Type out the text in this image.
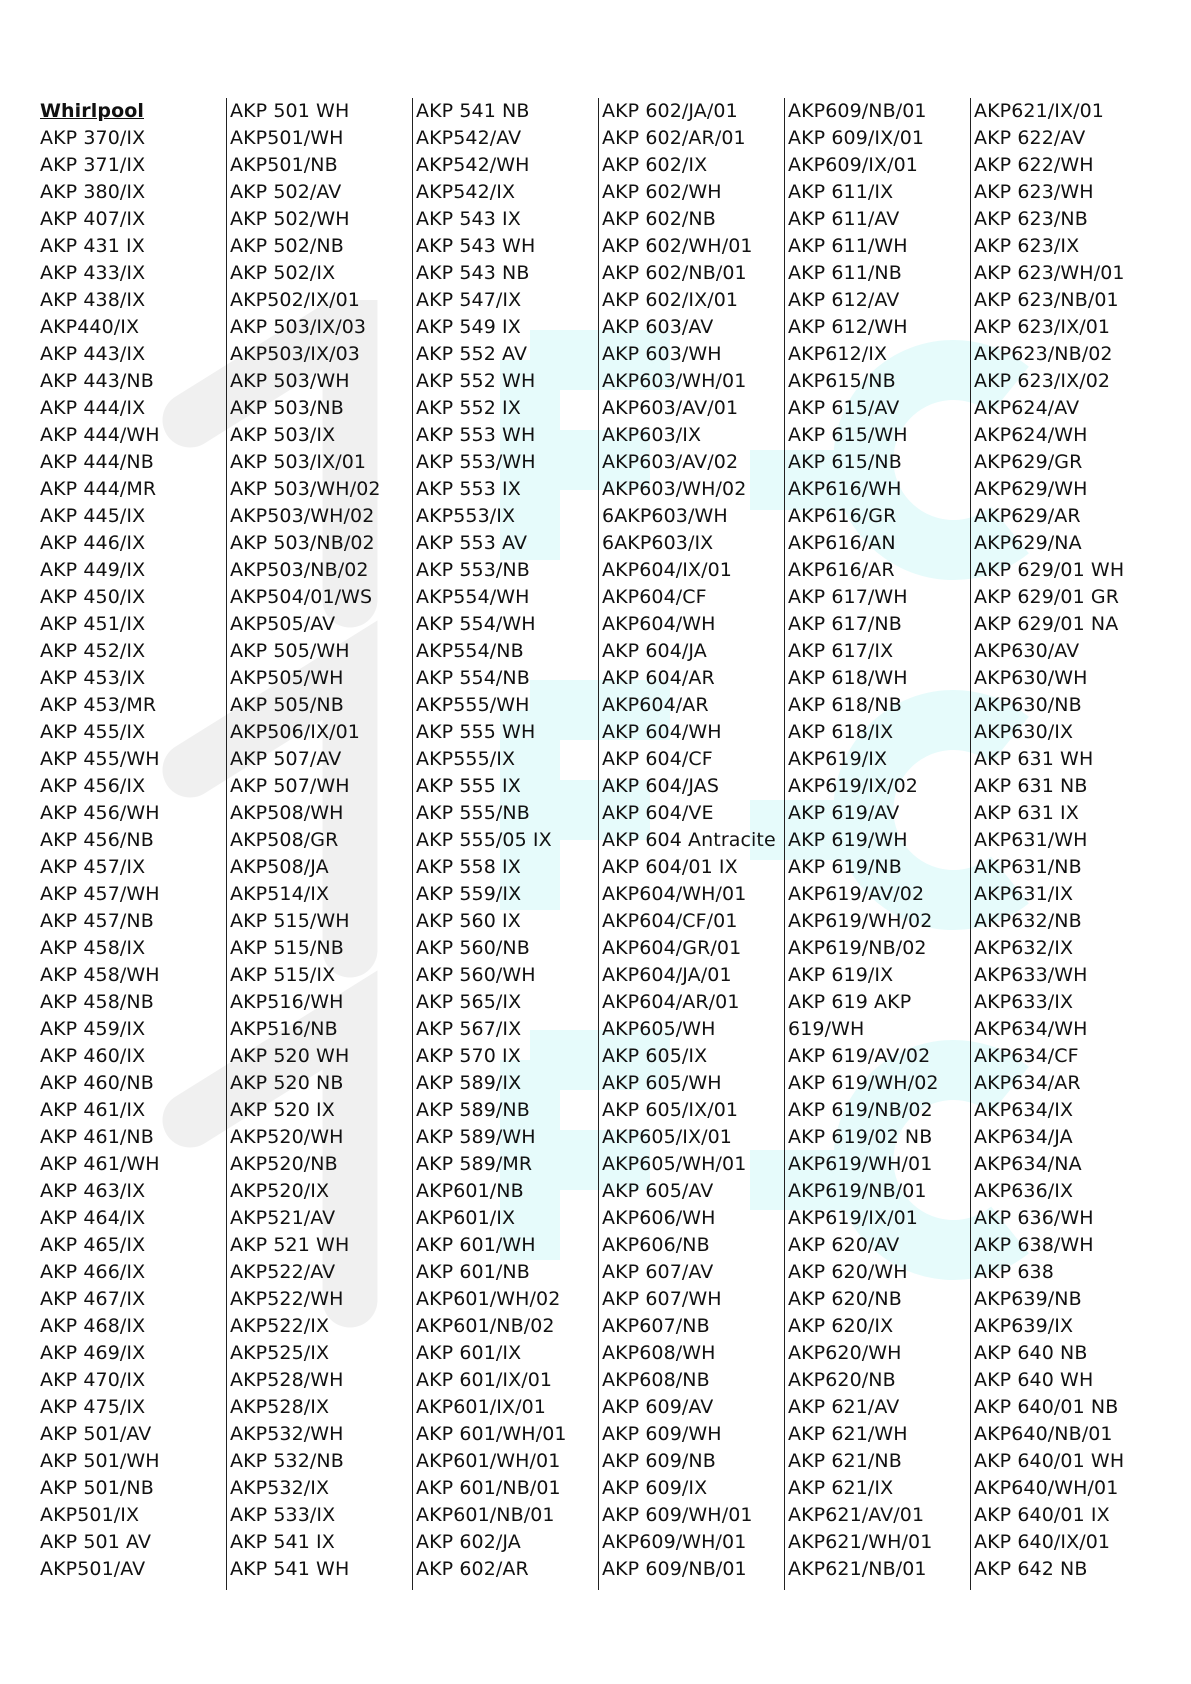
Whirlpool
AKP 370/IX
AKP 371/IX
AKP 380/IX
AKP 407/IX
AKP 431 IX
AKP 433/IX
AKP 438/IX
AKP440/IX
AKP 443/IX
AKP 443/NB
AKP 444/IX
AKP 444/WH
AKP 444/NB
AKP 444/MR
AKP 445/IX
AKP 446/IX
AKP 449/IX
AKP 450/IX
AKP 451/IX
AKP 452/IX
AKP 453/IX
AKP 453/MR
AKP 455/IX
AKP 455/WH
AKP 456/IX
AKP 456/WH
AKP 456/NB
AKP 457/IX
AKP 457/WH
AKP 457/NB
AKP 458/IX
AKP 458/WH
AKP 458/NB
AKP 459/IX
AKP 460/IX
AKP 460/NB
AKP 461/IX
AKP 461/NB
AKP 461/WH
AKP 463/IX
AKP 464/IX
AKP 465/IX
AKP 466/IX
AKP 467/IX
AKP 468/IX
AKP 469/IX
AKP 470/IX
AKP 475/IX
AKP 501/AV
AKP 501/WH
AKP 501/NB
AKP501/IX
AKP 501 AV
AKP501/AV
AKP 501 WH
AKP501/WH
AKP501/NB
AKP 502/AV
AKP 502/WH
AKP 502/NB
AKP 502/IX
AKP502/IX/01
AKP 503/IX/03
AKP503/IX/03
AKP 503/WH
AKP 503/NB
AKP 503/IX
AKP 503/IX/01
AKP 503/WH/02
AKP503/WH/02
AKP 503/NB/02
AKP503/NB/02
AKP504/01/WS
AKP505/AV
AKP 505/WH
AKP505/WH
AKP 505/NB
AKP506/IX/01
AKP 507/AV
AKP 507/WH
AKP508/WH
AKP508/GR
AKP508/JA
AKP514/IX
AKP 515/WH
AKP 515/NB
AKP 515/IX
AKP516/WH
AKP516/NB
AKP 520 WH
AKP 520 NB
AKP 520 IX
AKP520/WH
AKP520/NB
AKP520/IX
AKP521/AV
AKP 521 WH
AKP522/AV
AKP522/WH
AKP522/IX
AKP525/IX
AKP528/WH
AKP528/IX
AKP532/WH
AKP 532/NB
AKP532/IX
AKP 533/IX
AKP 541 IX
AKP 541 WH
AKP 541 NB
AKP542/AV
AKP542/WH
AKP542/IX
AKP 543 IX
AKP 543 WH
AKP 543 NB
AKP 547/IX
AKP 549 IX
AKP 552 AV
AKP 552 WH
AKP 552 IX
AKP 553 WH
AKP 553/WH
AKP 553 IX
AKP553/IX
AKP 553 AV
AKP 553/NB
AKP554/WH
AKP 554/WH
AKP554/NB
AKP 554/NB
AKP555/WH
AKP 555 WH
AKP555/IX
AKP 555 IX
AKP 555/NB
AKP 555/05 IX
AKP 558 IX
AKP 559/IX
AKP 560 IX
AKP 560/NB
AKP 560/WH
AKP 565/IX
AKP 567/IX
AKP 570 IX
AKP 589/IX
AKP 589/NB
AKP 589/WH
AKP 589/MR
AKP601/NB
AKP601/IX
AKP 601/WH
AKP 601/NB
AKP601/WH/02
AKP601/NB/02
AKP 601/IX
AKP 601/IX/01
AKP601/IX/01
AKP 601/WH/01
AKP601/WH/01
AKP 601/NB/01
AKP601/NB/01
AKP 602/JA
AKP 602/AR
AKP 602/JA/01
AKP 602/AR/01
AKP 602/IX
AKP 602/WH
AKP 602/NB
AKP 602/WH/01
AKP 602/NB/01
AKP 602/IX/01
AKP 603/AV
AKP 603/WH
AKP603/WH/01
AKP603/AV/01
AKP603/IX
AKP603/AV/02
AKP603/WH/02
6AKP603/WH
6AKP603/IX
AKP604/IX/01
AKP604/CF
AKP604/WH
AKP 604/JA
AKP 604/AR
AKP604/AR
AKP 604/WH
AKP 604/CF
AKP 604/JAS
AKP 604/VE
AKP 604 Antracite
AKP 604/01 IX
AKP604/WH/01
AKP604/CF/01
AKP604/GR/01
AKP604/JA/01
AKP604/AR/01
AKP605/WH
AKP 605/IX
AKP 605/WH
AKP 605/IX/01
AKP605/IX/01
AKP605/WH/01
AKP 605/AV
AKP606/WH
AKP606/NB
AKP 607/AV
AKP 607/WH
AKP607/NB
AKP608/WH
AKP608/NB
AKP 609/AV
AKP 609/WH
AKP 609/NB
AKP 609/IX
AKP 609/WH/01
AKP609/WH/01
AKP 609/NB/01
AKP609/NB/01
AKP 609/IX/01
AKP609/IX/01
AKP 611/IX
AKP 611/AV
AKP 611/WH
AKP 611/NB
AKP 612/AV
AKP 612/WH
AKP612/IX
AKP615/NB
AKP 615/AV
AKP 615/WH
AKP 615/NB
AKP616/WH
AKP616/GR
AKP616/AN
AKP616/AR
AKP 617/WH
AKP 617/NB
AKP 617/IX
AKP 618/WH
AKP 618/NB
AKP 618/IX
AKP619/IX
AKP619/IX/02
AKP 619/AV
AKP 619/WH
AKP 619/NB
AKP619/AV/02
AKP619/WH/02
AKP619/NB/02
AKP 619/IX
AKP 619 AKP
619/WH
AKP 619/AV/02
AKP 619/WH/02
AKP 619/NB/02
AKP 619/02 NB
AKP619/WH/01
AKP619/NB/01
AKP619/IX/01
AKP 620/AV
AKP 620/WH
AKP 620/NB
AKP 620/IX
AKP620/WH
AKP620/NB
AKP 621/AV
AKP 621/WH
AKP 621/NB
AKP 621/IX
AKP621/AV/01
AKP621/WH/01
AKP621/NB/01
AKP621/IX/01
AKP 622/AV
AKP 622/WH
AKP 623/WH
AKP 623/NB
AKP 623/IX
AKP 623/WH/01
AKP 623/NB/01
AKP 623/IX/01
AKP623/NB/02
AKP 623/IX/02
AKP624/AV
AKP624/WH
AKP629/GR
AKP629/WH
AKP629/AR
AKP629/NA
AKP 629/01 WH
AKP 629/01 GR
AKP 629/01 NA
AKP630/AV
AKP630/WH
AKP630/NB
AKP630/IX
AKP 631 WH
AKP 631 NB
AKP 631 IX
AKP631/WH
AKP631/NB
AKP631/IX
AKP632/NB
AKP632/IX
AKP633/WH
AKP633/IX
AKP634/WH
AKP634/CF
AKP634/AR
AKP634/IX
AKP634/JA
AKP634/NA
AKP636/IX
AKP 636/WH
AKP 638/WH
AKP 638
AKP639/NB
AKP639/IX
AKP 640 NB
AKP 640 WH
AKP 640/01 NB
AKP640/NB/01
AKP 640/01 WH
AKP640/WH/01
AKP 640/01 IX
AKP 640/IX/01
AKP 642 NB
